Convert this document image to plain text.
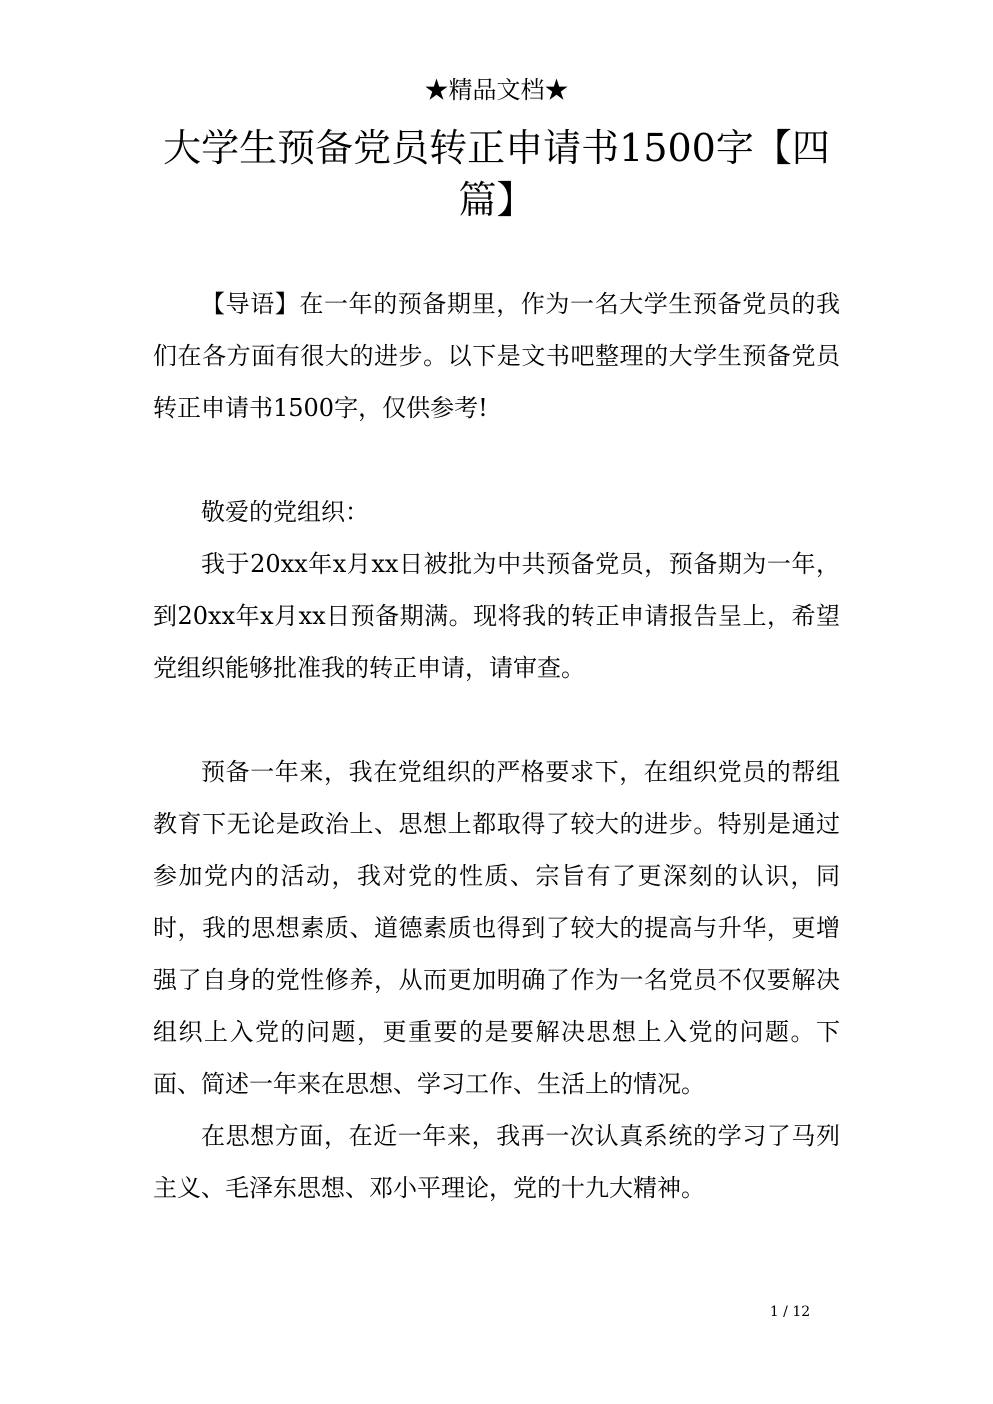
★精品文档★
大学生预备党员转正申请书1500字【四篇】

【导语】在一年的预备期里，作为一名大学生预备党员的我们在各方面有很大的进步。以下是文书吧整理的大学生预备党员转正申请书1500字，仅供参考!

敬爱的党组织：

我于20xx年x月xx日被批为中共预备党员，预备期为一年，到20xx年x月xx日预备期满。现将我的转正申请报告呈上，希望党组织能够批准我的转正申请，请审查。

预备一年来，我在党组织的严格要求下，在组织党员的帮组教育下无论是政治上、思想上都取得了较大的进步。特别是通过参加党内的活动，我对党的性质、宗旨有了更深刻的认识，同时，我的思想素质、道德素质也得到了较大的提高与升华，更增强了自身的党性修养，从而更加明确了作为一名党员不仅要解决组织上入党的问题，更重要的是要解决思想上入党的问题。下面、简述一年来在思想、学习工作、生活上的情况。

在思想方面，在近一年来，我再一次认真系统的学习了马列主义、毛泽东思想、邓小平理论，党的十九大精神。

1 / 12
